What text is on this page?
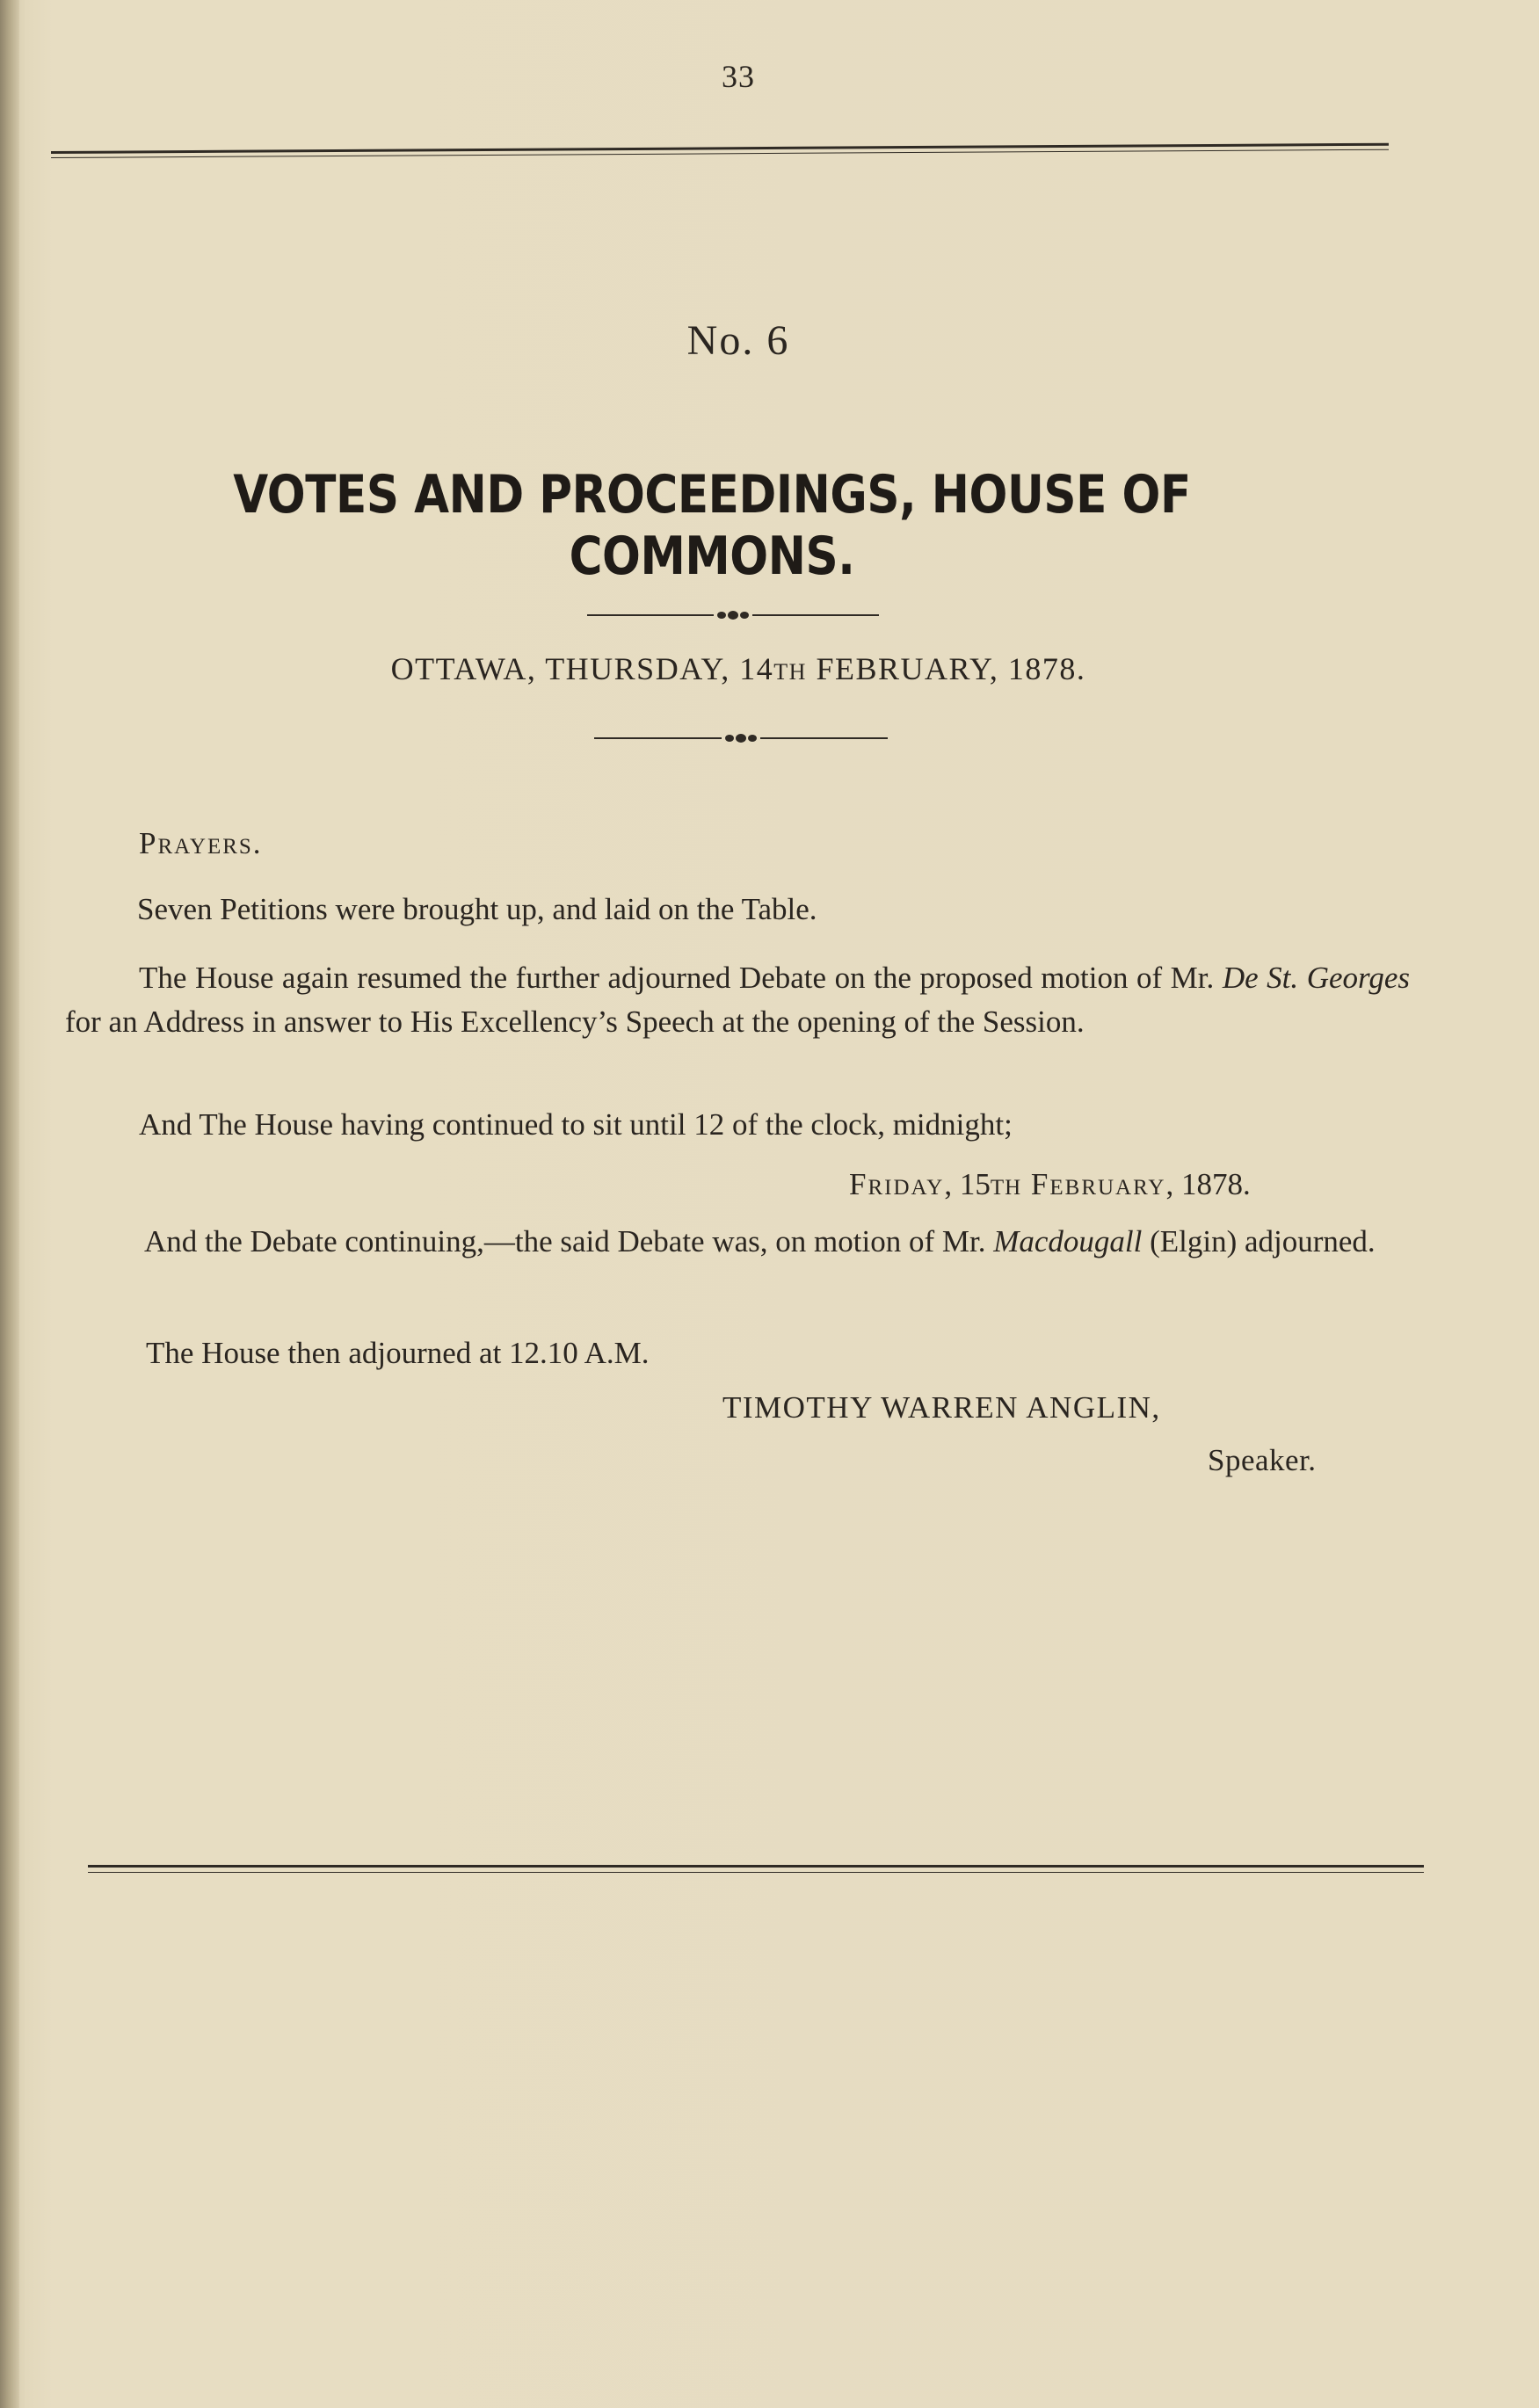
33
No. 6
VOTES AND PROCEEDINGS, HOUSE OF COMMONS.
OTTAWA, THURSDAY, 14TH FEBRUARY, 1878.
Prayers.
Seven Petitions were brought up, and laid on the Table.
The House again resumed the further adjourned Debate on the proposed motion of Mr. De St. Georges for an Address in answer to His Excellency’s Speech at the opening of the Session.
And The House having continued to sit until 12 of the clock, midnight;
Friday, 15TH February, 1878.
And the Debate continuing,—the said Debate was, on motion of Mr. Macdougall (Elgin) adjourned.
The House then adjourned at 12.10 A.M.
TIMOTHY WARREN ANGLIN,
Speaker.
